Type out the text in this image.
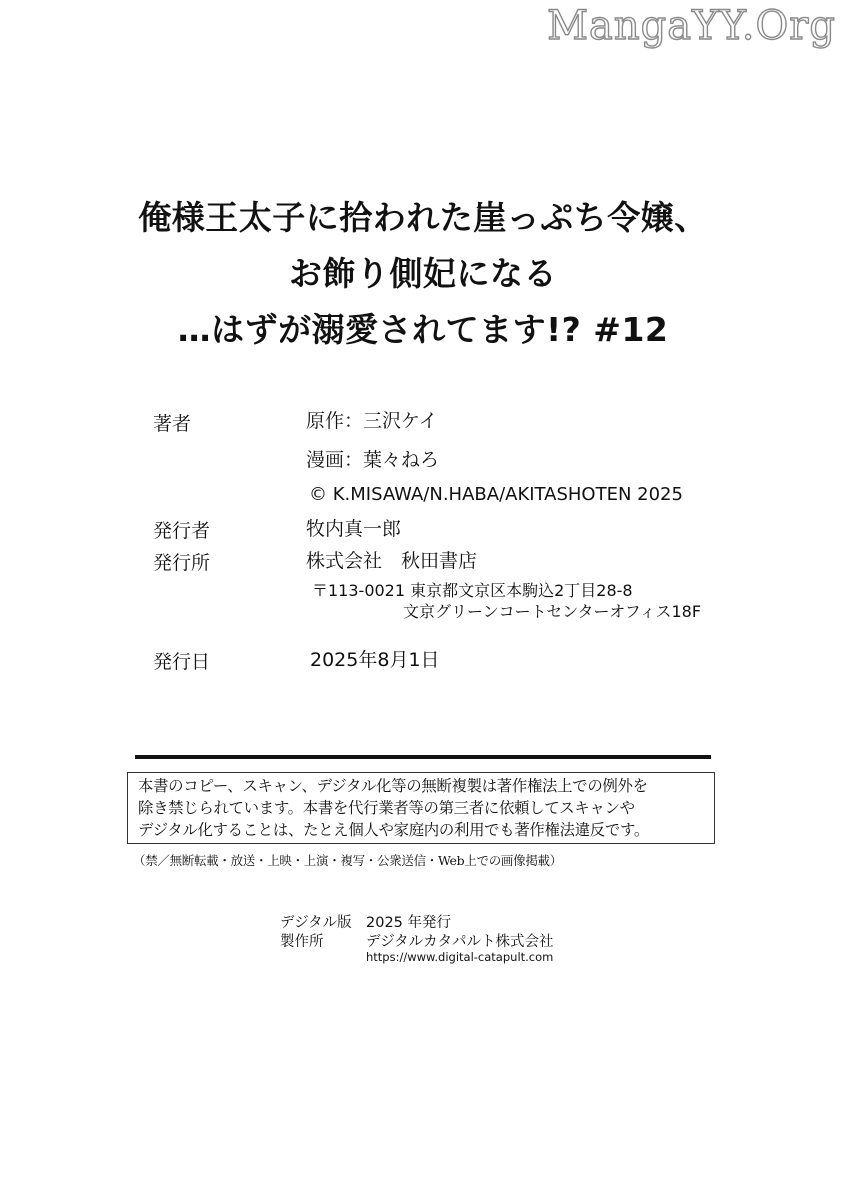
MangaYY.Org
俺様王太子に拾われた崖っぷち令嬢、
お飾り側妃になる
…はずが溺愛されてます!? #12
著者	原作：三沢ケイ
漫画：葉々ねろ
© K.MISAWA/N.HABA/AKITASHOTEN 2025
発行者	牧内真一郎
発行所	株式会社　秋田書店
〒113-0021 東京都文京区本駒込2丁目28-8
文京グリーンコートセンターオフィス18F
発行日	2025年8月1日
本書のコピー、スキャン、デジタル化等の無断複製は著作権法上での例外を
除き禁じられています。本書を代行業者等の第三者に依頼してスキャンや
デジタル化することは、たとえ個人や家庭内の利用でも著作権法違反です。
（禁／無断転載・放送・上映・上演・複写・公衆送信・Web上での画像掲載）
デジタル版 2025 年発行
製作所	デジタルカタパルト株式会社
https://www.digital-catapult.com
